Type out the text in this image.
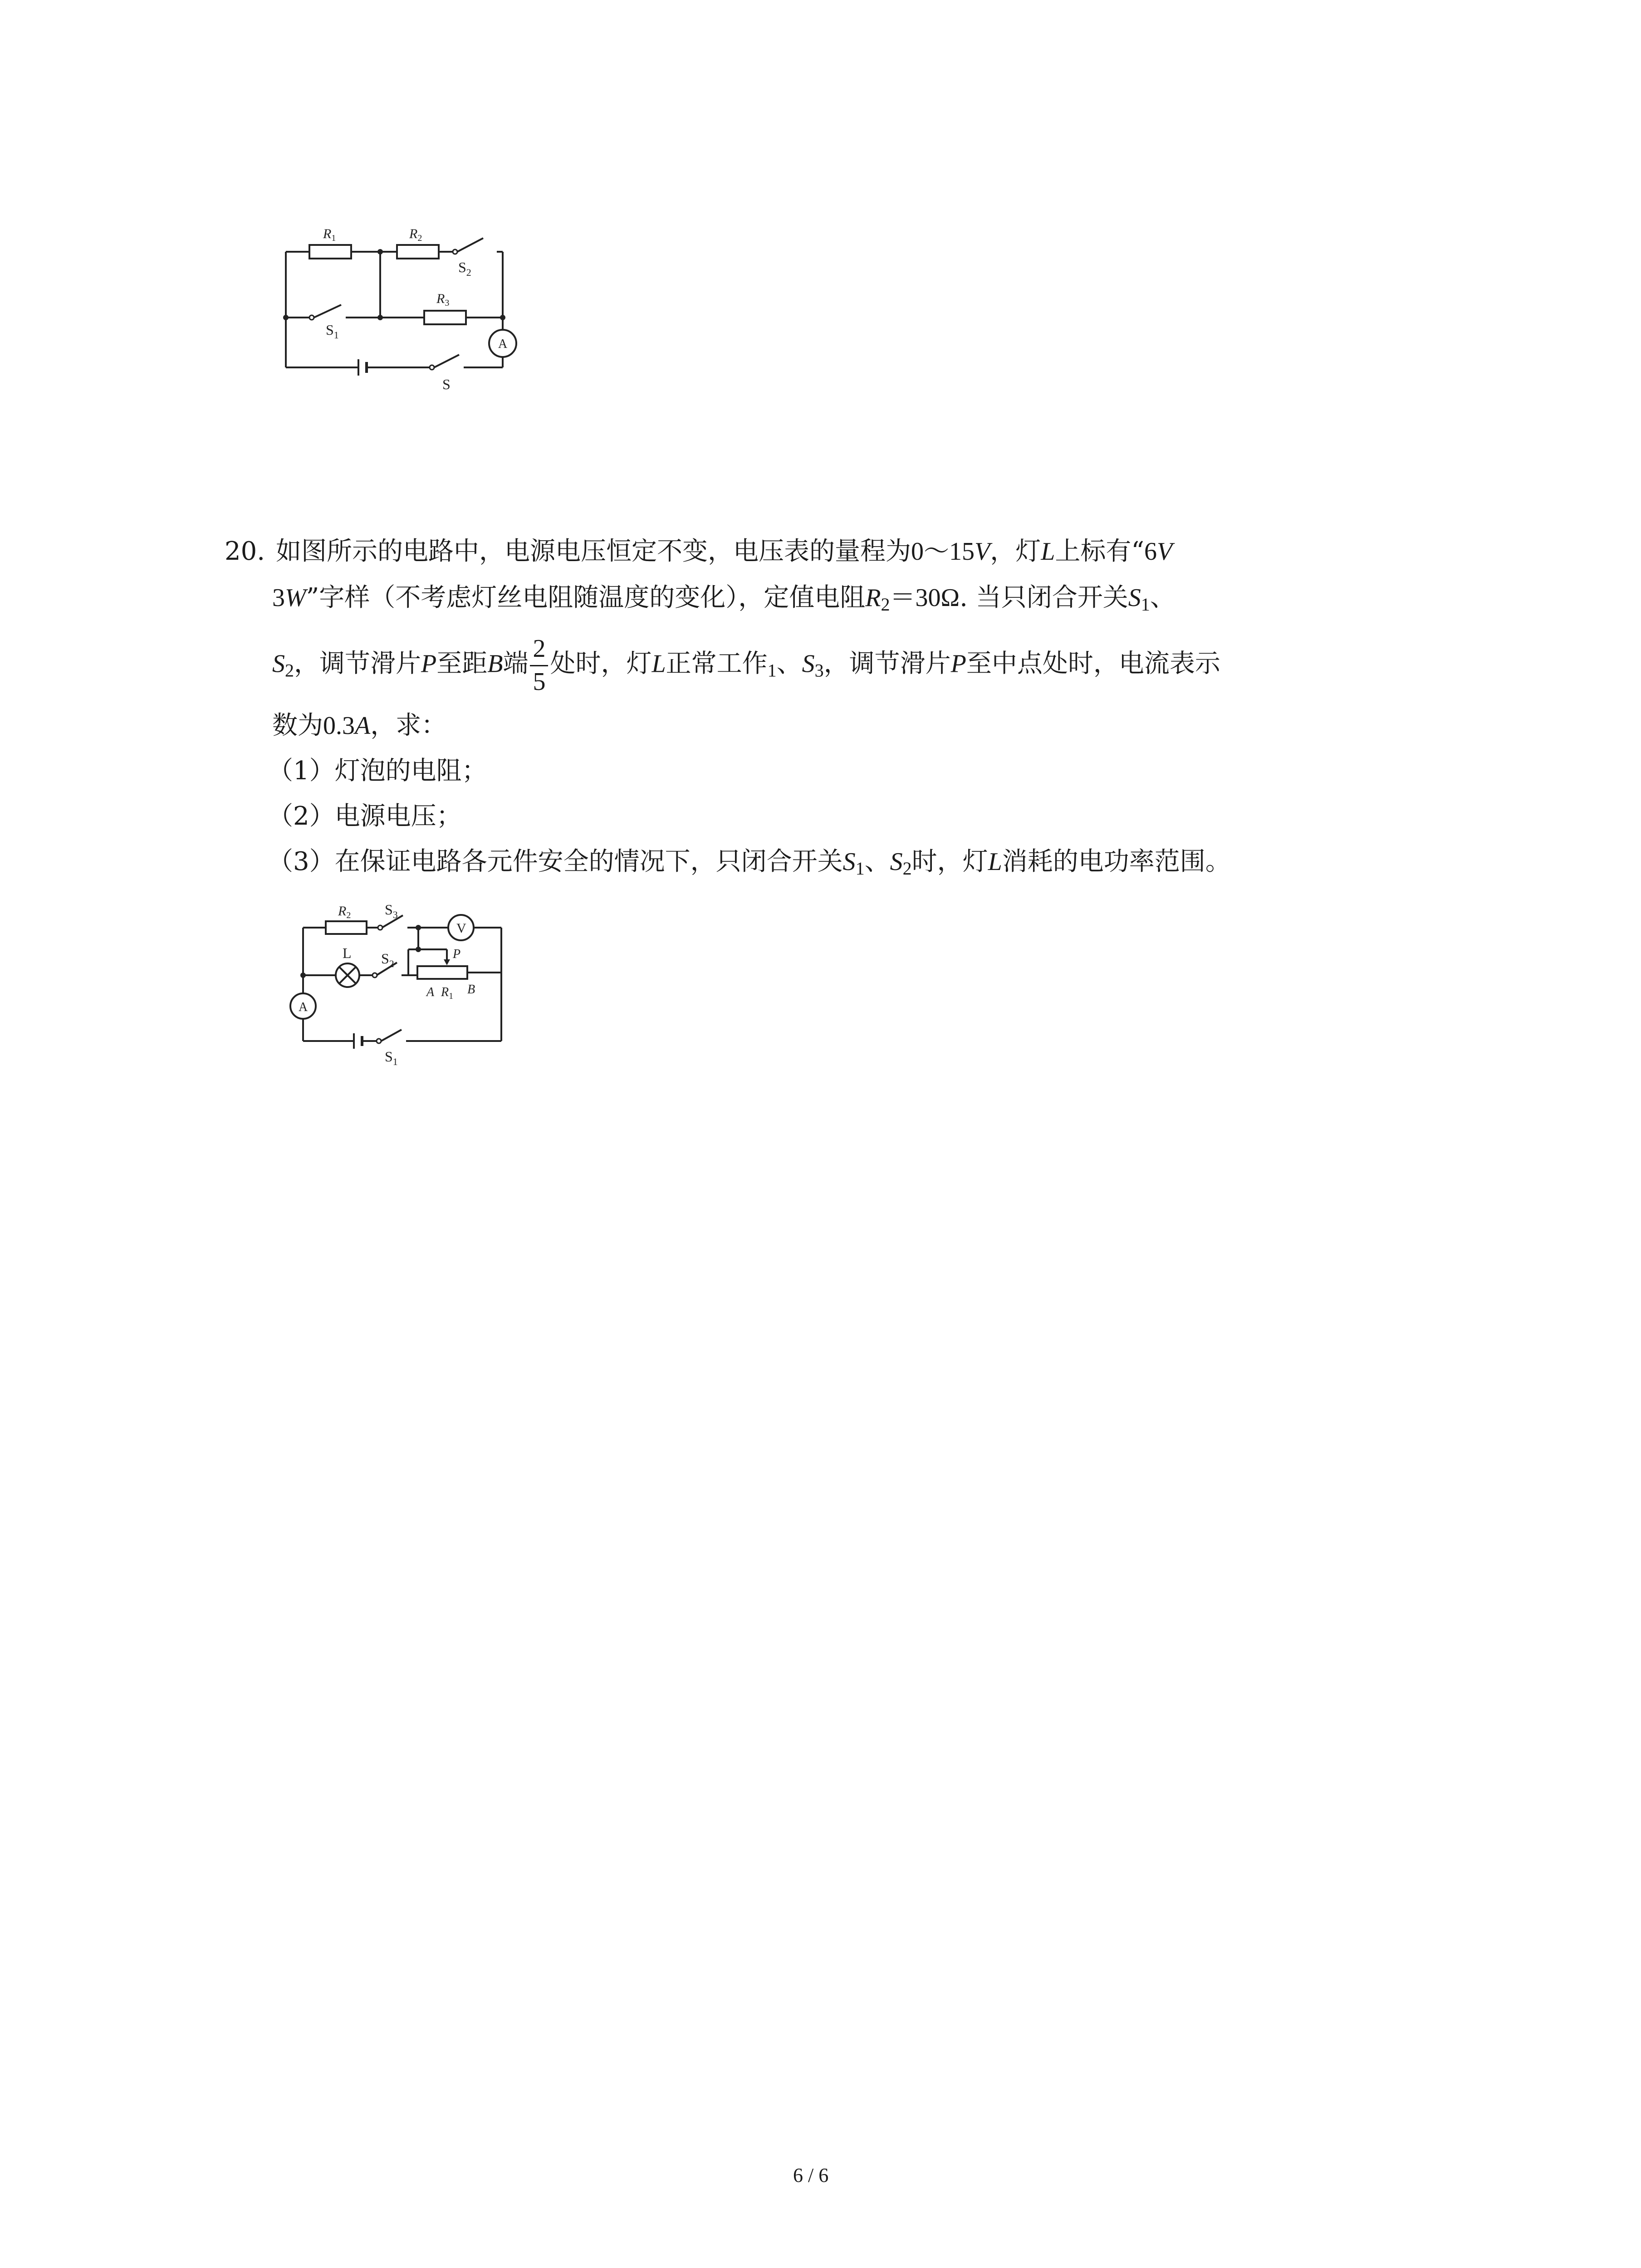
$R_1$	$R_2$
$S_2$
$R_3$
$S_1$
A
S
20. 如图所示的电路中，电源电压恒定不变，电压表的量程为0～15V，灯L上标有“6V
3W”字样（不考虑灯丝电阻随温度的变化），定值电阻$R_2=30\Omega$. 当只闭合开关$S_1$、
$S_2$，调节滑片P至距B端 $\frac{2}{5}$ 处时，灯L正常工作$_1$、$S_3$，调节滑片P至中点处时，电流表示
数为0.3A，求：
（1）灯泡的电阻；
（2）电源电压；
（3）在保证电路各元件安全的情况下，只闭合开关$S_1$、$S_2$时，灯L消耗的电功率范围。
$R_2$ $S_3$
V
L $S_2$
P
A $R_1$ B
A
$S_1$
6 / 6
